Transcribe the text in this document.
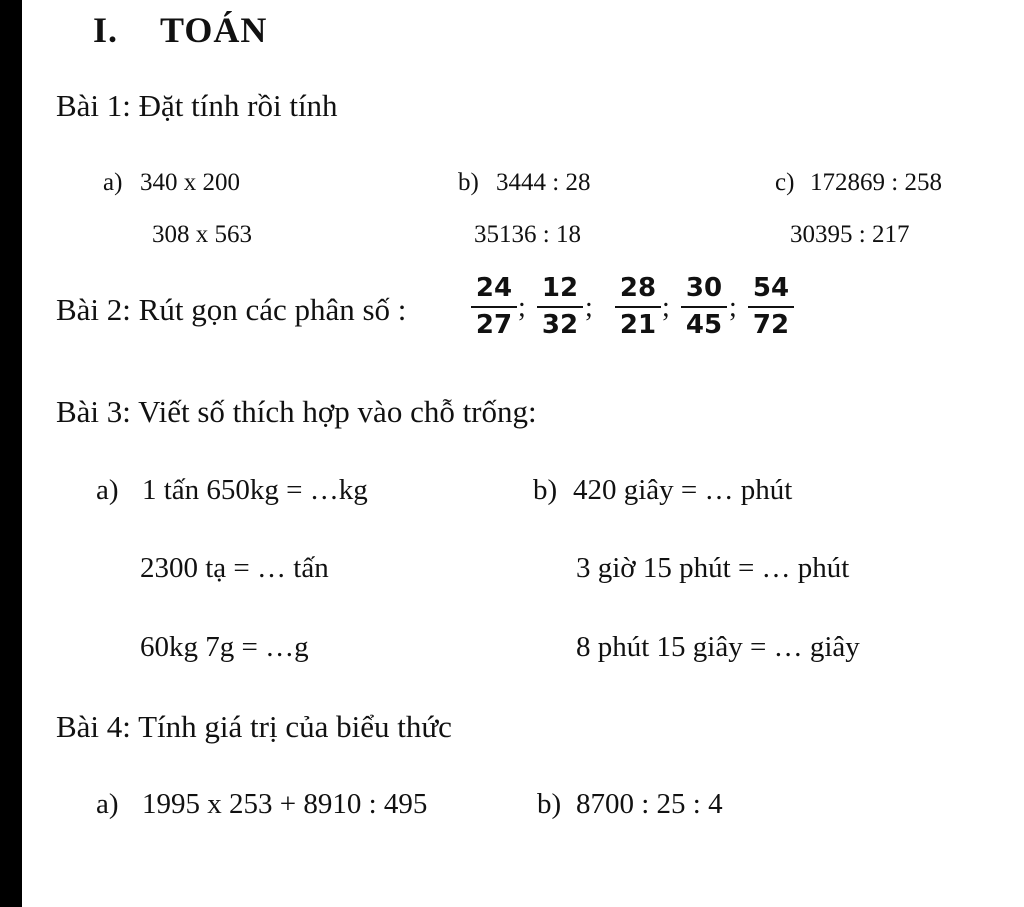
I. TOÁN
Bài 1: Đặt tính rồi tính
a) 340 x 200
308 x 563
b) 3444 : 28
35136 : 18
c) 172869 : 258
30395 : 217
Bài 2: Rút gọn các phân số :
24
27
;
12
32
;
28
21
;
30
45
;
54
72
Bài 3: Viết số thích hợp vào chỗ trống:
a) 1 tấn 650kg = …kg
2300 tạ = … tấn
60kg 7g = …g
b) 420 giây = … phút
3 giờ 15 phút = … phút
8 phút 15 giây = … giây
Bài 4: Tính giá trị của biểu thức
a) 1995 x 253 + 8910 : 495	b) 8700 : 25 : 4
